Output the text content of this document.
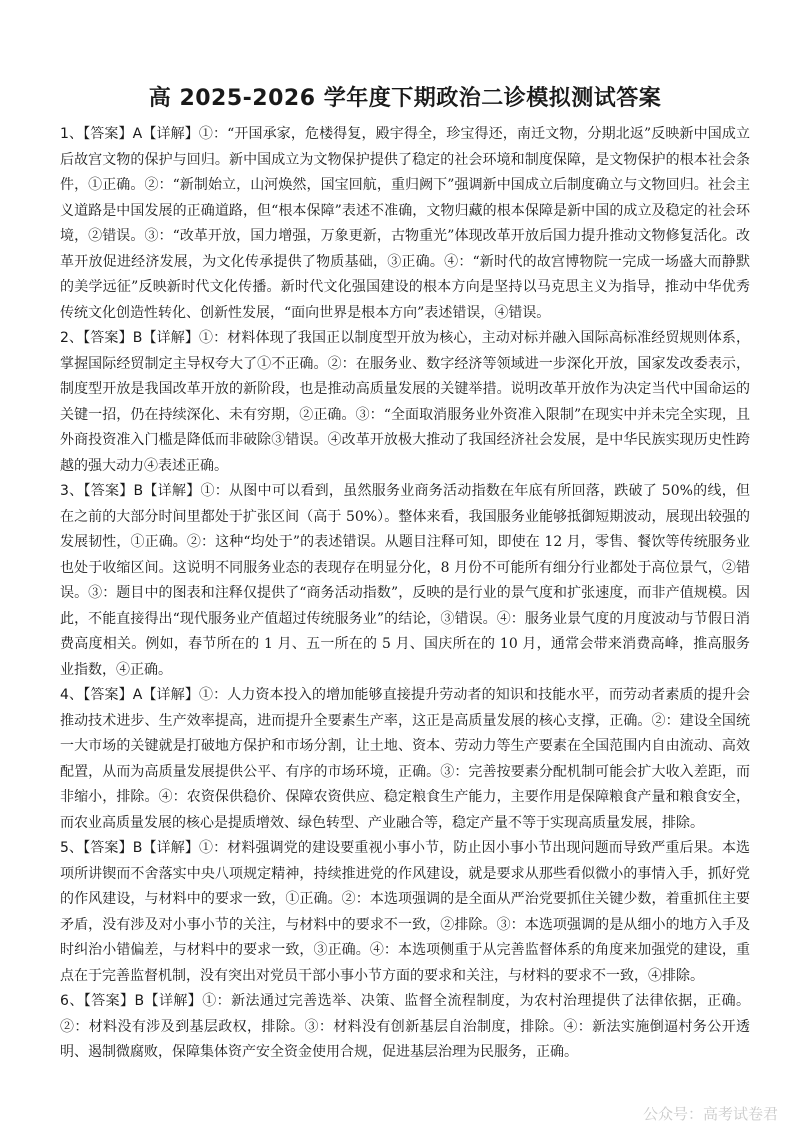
高 2025-2026 学年度下期政治二诊模拟测试答案

1、【答案】A【详解】①：“开国承家，危楼得复，殿宇得全，珍宝得还，南迁文物，分期北返”反映新中国成立后故宫文物的保护与回归。新中国成立为文物保护提供了稳定的社会环境和制度保障，是文物保护的根本社会条件，①正确。②：“新制始立，山河焕然，国宝回航，重归阙下”强调新中国成立后制度确立与文物回归。社会主义道路是中国发展的正确道路，但“根本保障”表述不准确，文物归藏的根本保障是新中国的成立及稳定的社会环境，②错误。③：“改革开放，国力增强，万象更新，古物重光”体现改革开放后国力提升推动文物修复活化。改革开放促进经济发展，为文化传承提供了物质基础，③正确。④：“新时代的故宫博物院一完成一场盛大而静默的美学远征”反映新时代文化传播。新时代文化强国建设的根本方向是坚持以马克思主义为指导，推动中华优秀传统文化创造性转化、创新性发展，“面向世界是根本方向”表述错误，④错误。

2、【答案】B【详解】①：材料体现了我国正以制度型开放为核心，主动对标并融入国际高标准经贸规则体系，掌握国际经贸制定主导权夸大了①不正确。②：在服务业、数字经济等领域进一步深化开放，国家发改委表示，制度型开放是我国改革开放的新阶段，也是推动高质量发展的关键举措。说明改革开放作为决定当代中国命运的关键一招，仍在持续深化、未有穷期，②正确。③：“全面取消服务业外资准入限制”在现实中并未完全实现，且外商投资准入门槛是降低而非破除③错误。④改革开放极大推动了我国经济社会发展，是中华民族实现历史性跨越的强大动力④表述正确。

3、【答案】B【详解】①：从图中可以看到，虽然服务业商务活动指数在年底有所回落，跌破了 50%的线，但在之前的大部分时间里都处于扩张区间（高于 50%）。整体来看，我国服务业能够抵御短期波动，展现出较强的发展韧性，①正确。②：这种“均处于”的表述错误。从题目注释可知，即使在 12 月，零售、餐饮等传统服务业也处于收缩区间。这说明不同服务业态的表现存在明显分化，8 月份不可能所有细分行业都处于高位景气，②错误。③：题目中的图表和注释仅提供了“商务活动指数”，反映的是行业的景气度和扩张速度，而非产值规模。因此，不能直接得出“现代服务业产值超过传统服务业”的结论，③错误。④：服务业景气度的月度波动与节假日消费高度相关。例如，春节所在的 1 月、五一所在的 5 月、国庆所在的 10 月，通常会带来消费高峰，推高服务业指数，④正确。

4、【答案】A【详解】①：人力资本投入的增加能够直接提升劳动者的知识和技能水平，而劳动者素质的提升会推动技术进步、生产效率提高，进而提升全要素生产率，这正是高质量发展的核心支撑，正确。②：建设全国统一大市场的关键就是打破地方保护和市场分割，让土地、资本、劳动力等生产要素在全国范围内自由流动、高效配置，从而为高质量发展提供公平、有序的市场环境，正确。③：完善按要素分配机制可能会扩大收入差距，而非缩小，排除。④：农资保供稳价、保障农资供应、稳定粮食生产能力，主要作用是保障粮食产量和粮食安全，而农业高质量发展的核心是提质增效、绿色转型、产业融合等，稳定产量不等于实现高质量发展，排除。

5、【答案】B【详解】①：材料强调党的建设要重视小事小节，防止因小事小节出现问题而导致严重后果。本选项所讲锲而不舍落实中央八项规定精神，持续推进党的作风建设，就是要求从那些看似微小的事情入手，抓好党的作风建设，与材料中的要求一致，①正确。②：本选项强调的是全面从严治党要抓住关键少数，着重抓住主要矛盾，没有涉及对小事小节的关注，与材料中的要求不一致，②排除。③：本选项强调的是从细小的地方入手及时纠治小错偏差，与材料中的要求一致，③正确。④：本选项侧重于从完善监督体系的角度来加强党的建设，重点在于完善监督机制，没有突出对党员干部小事小节方面的要求和关注，与材料的要求不一致，④排除。

6、【答案】B【详解】①：新法通过完善选举、决策、监督全流程制度，为农村治理提供了法律依据，正确。②：材料没有涉及到基层政权，排除。③：材料没有创新基层自治制度，排除。④：新法实施倒逼村务公开透明、遏制微腐败，保障集体资产安全资金使用合规，促进基层治理为民服务，正确。

公众号：高考试卷君
